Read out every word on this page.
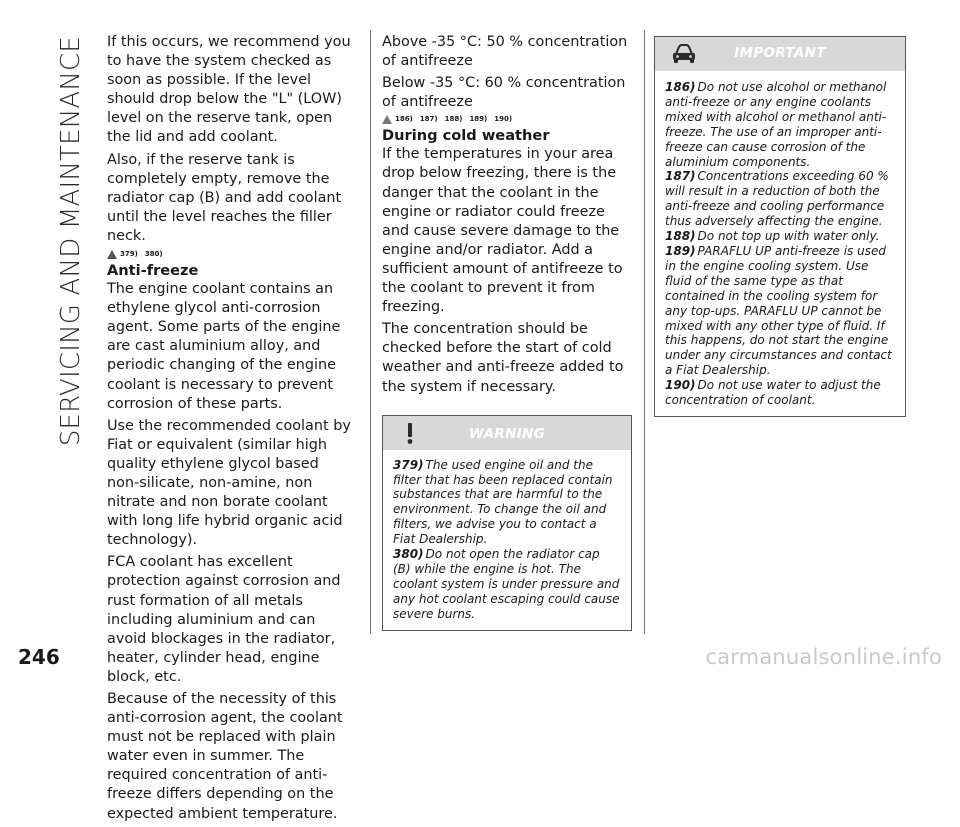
SERVICING AND MAINTENANCE If this occurs, we recommend you to have the system checked as soon as possible. If the level should drop below the "L" (LOW) level on the reserve tank, open the lid and add coolant.

Also, if the reserve tank is completely empty, remove the radiator cap (B) and add coolant until the level reaches the filler neck.

379) 380)
Anti-freeze

The engine coolant contains an ethylene glycol anti-corrosion agent. Some parts of the engine are cast aluminium alloy, and periodic changing of the engine coolant is necessary to prevent corrosion of these parts.

Use the recommended coolant by Fiat or equivalent (similar high quality ethylene glycol based non-silicate, non-amine, non nitrate and non borate coolant with long life hybrid organic acid technology).

FCA coolant has excellent protection against corrosion and rust formation of all metals including aluminium and can avoid blockages in the radiator, heater, cylinder head, engine block, etc.

Because of the necessity of this anti-corrosion agent, the coolant must not be replaced with plain water even in summer. The required concentration of anti-freeze differs depending on the expected ambient temperature.

Above -35 °C: 50 % concentration of antifreeze

Below -35 °C: 60 % concentration of antifreeze

186) 187) 188) 189) 190)
During cold weather

If the temperatures in your area drop below freezing, there is the danger that the coolant in the engine or radiator could freeze and cause severe damage to the engine and/or radiator. Add a sufficient amount of antifreeze to the coolant to prevent it from freezing.

The concentration should be checked before the start of cold weather and anti-freeze added to the system if necessary.

WARNING

379) The used engine oil and the filter that has been replaced contain substances that are harmful to the environment. To change the oil and filters, we advise you to contact a Fiat Dealership.

380) Do not open the radiator cap (B) while the engine is hot. The coolant system is under pressure and any hot coolant escaping could cause severe burns.

IMPORTANT

186) Do not use alcohol or methanol anti-freeze or any engine coolants mixed with alcohol or methanol anti-freeze. The use of an improper anti-freeze can cause corrosion of the aluminium components.

187) Concentrations exceeding 60 % will result in a reduction of both the anti-freeze and cooling performance thus adversely affecting the engine.

188) Do not top up with water only.

189) PARAFLU UP anti-freeze is used in the engine cooling system. Use fluid of the same type as that contained in the cooling system for any top-ups. PARAFLU UP cannot be mixed with any other type of fluid. If this happens, do not start the engine under any circumstances and contact a Fiat Dealership.

190) Do not use water to adjust the concentration of coolant.

246	carmanualsonline.info
